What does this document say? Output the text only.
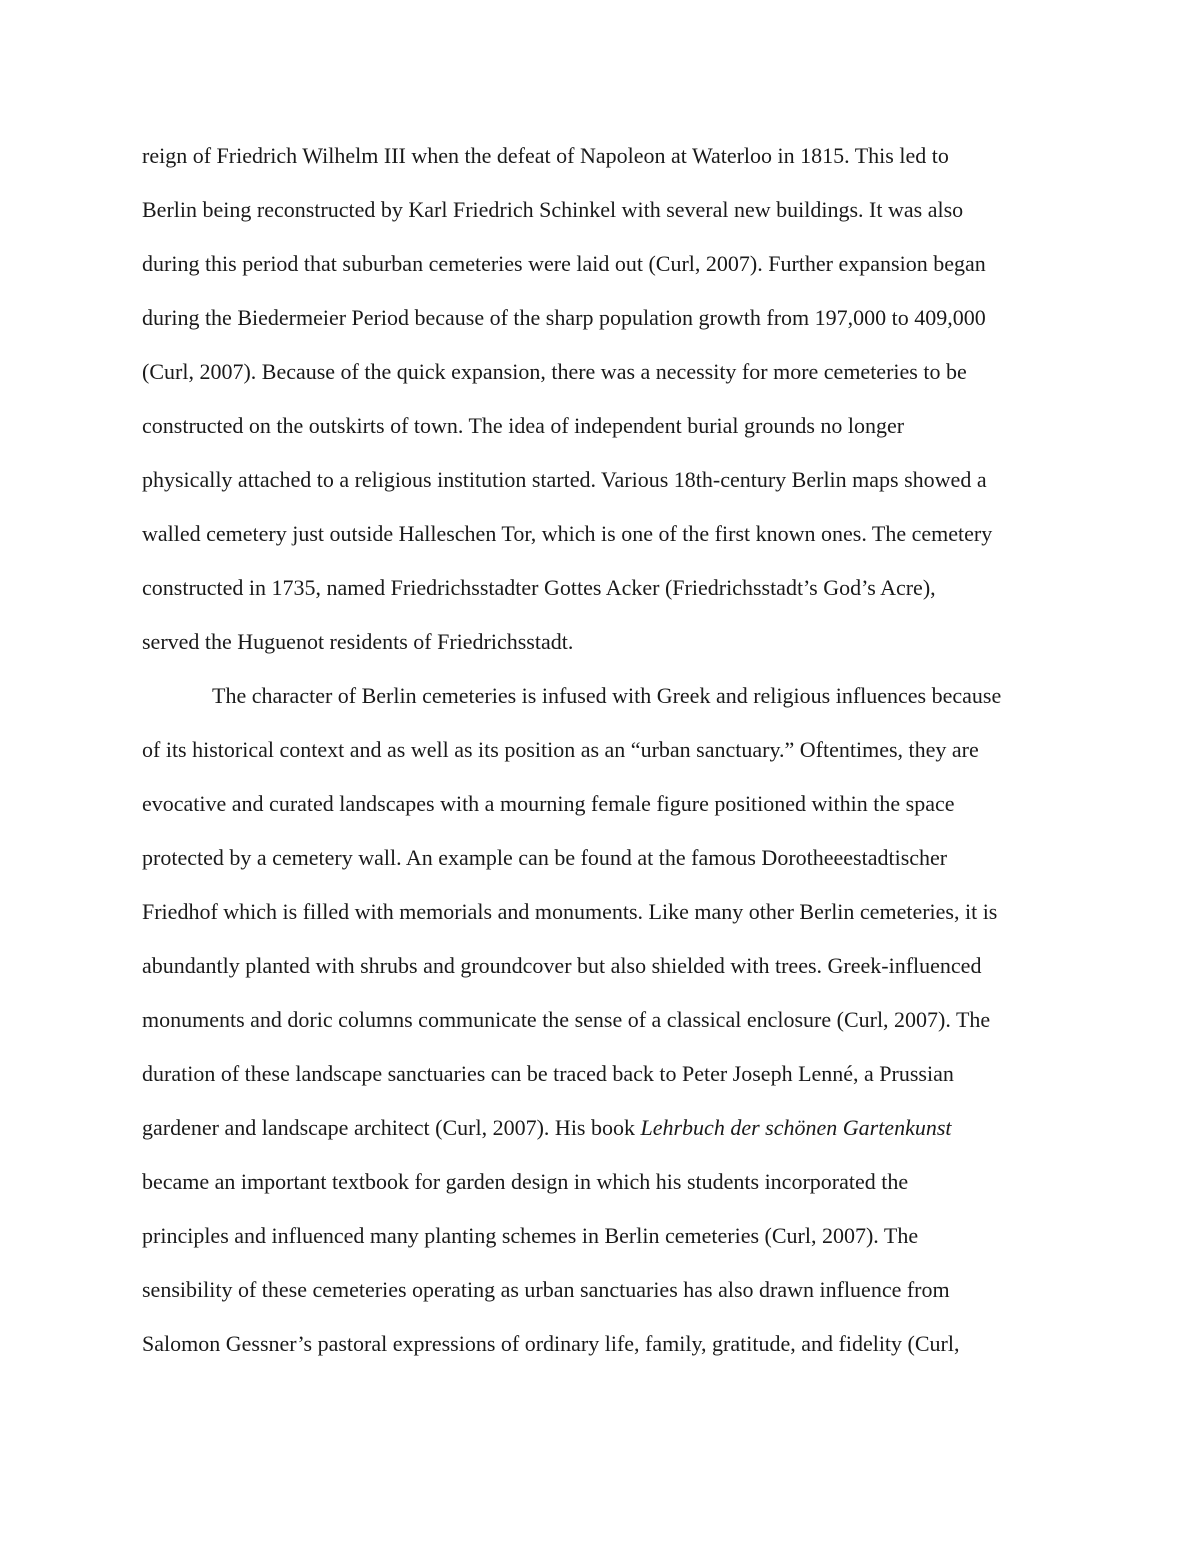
reign of Friedrich Wilhelm III when the defeat of Napoleon at Waterloo in 1815. This led to

Berlin being reconstructed by Karl Friedrich Schinkel with several new buildings. It was also

during this period that suburban cemeteries were laid out (Curl, 2007). Further expansion began

during the Biedermeier Period because of the sharp population growth from 197,000 to 409,000

(Curl, 2007). Because of the quick expansion, there was a necessity for more cemeteries to be

constructed on the outskirts of town. The idea of independent burial grounds no longer

physically attached to a religious institution started. Various 18th-century Berlin maps showed a

walled cemetery just outside Halleschen Tor, which is one of the first known ones. The cemetery

constructed in 1735, named Friedrichsstadter Gottes Acker (Friedrichsstadt’s God’s Acre),

served the Huguenot residents of Friedrichsstadt.

The character of Berlin cemeteries is infused with Greek and religious influences because

of its historical context and as well as its position as an “urban sanctuary.” Oftentimes, they are

evocative and curated landscapes with a mourning female figure positioned within the space

protected by a cemetery wall. An example can be found at the famous Dorotheeestadtischer

Friedhof which is filled with memorials and monuments. Like many other Berlin cemeteries, it is

abundantly planted with shrubs and groundcover but also shielded with trees. Greek-influenced

monuments and doric columns communicate the sense of a classical enclosure (Curl, 2007). The

duration of these landscape sanctuaries can be traced back to Peter Joseph Lenné, a Prussian

gardener and landscape architect (Curl, 2007). His book Lehrbuch der schönen Gartenkunst

became an important textbook for garden design in which his students incorporated the

principles and influenced many planting schemes in Berlin cemeteries (Curl, 2007). The

sensibility of these cemeteries operating as urban sanctuaries has also drawn influence from

Salomon Gessner’s pastoral expressions of ordinary life, family, gratitude, and fidelity (Curl,
